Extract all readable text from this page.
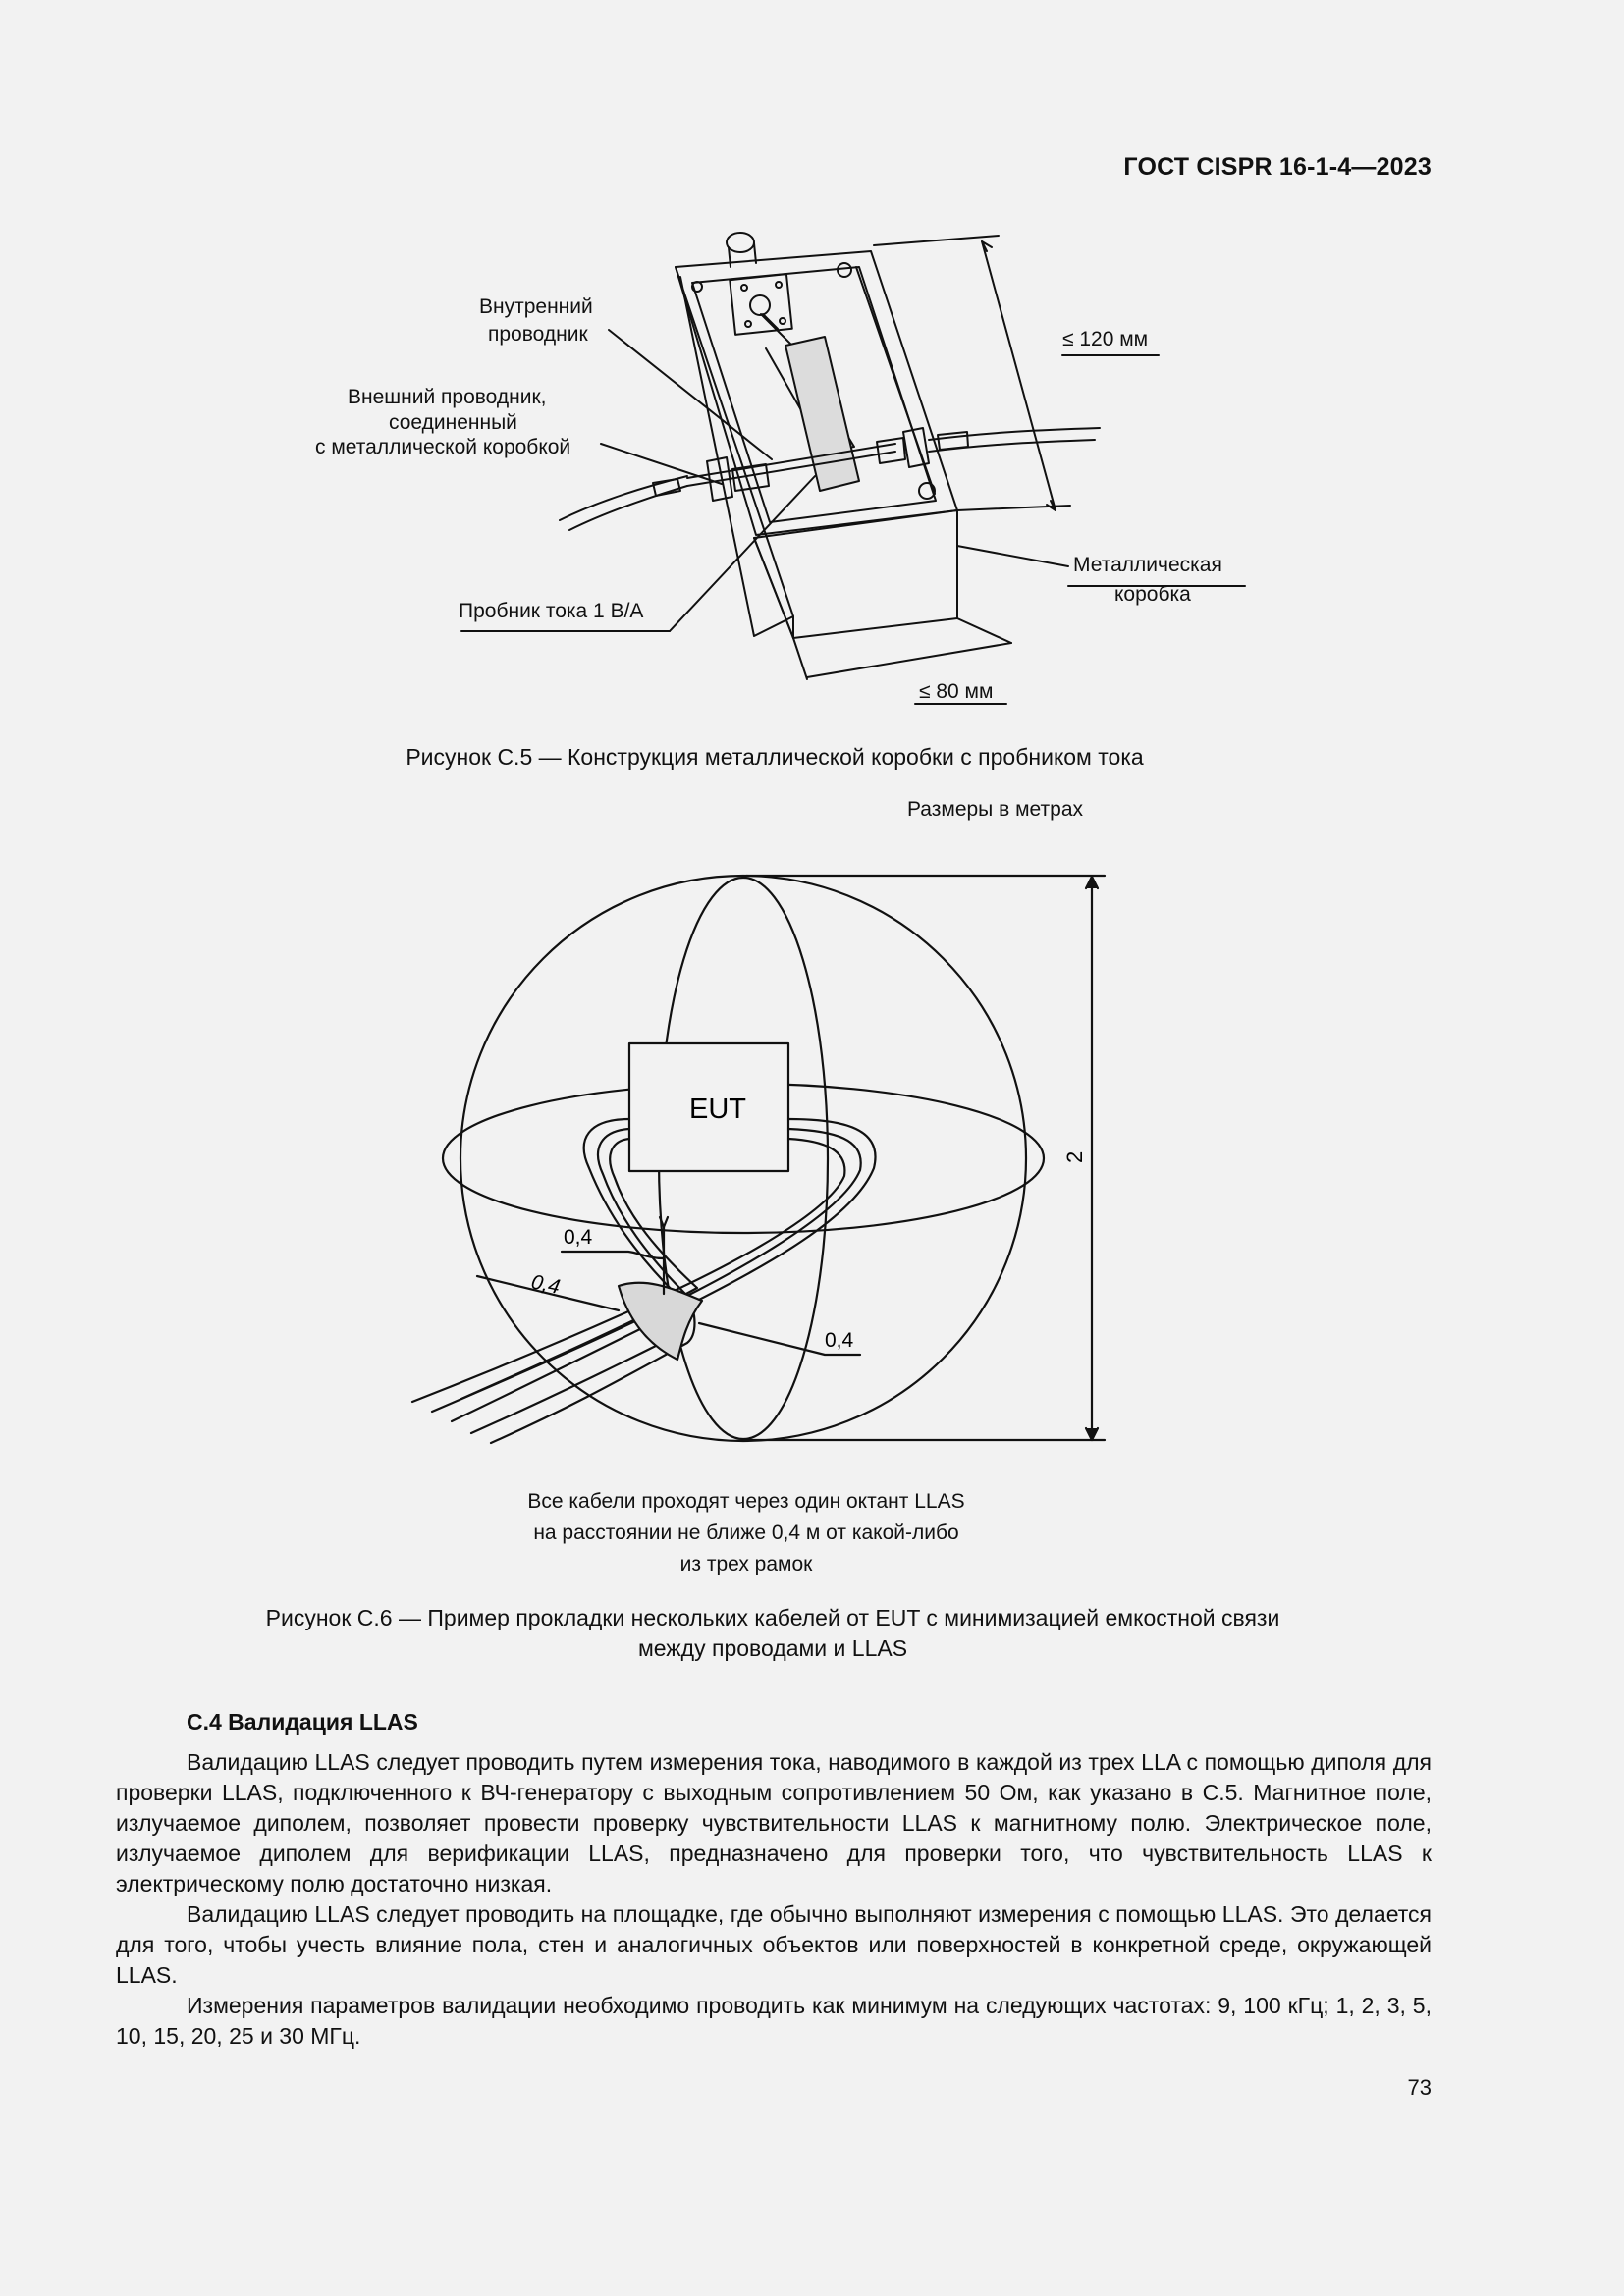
ГОСТ CISPR 16-1-4—2023
Внутренний
проводник
Внешний проводник,
соединенный
с металлической коробкой
Пробник тока 1 В/А
Металлическая
коробка
≤ 120 мм
≤ 80 мм
Рисунок С.5 — Конструкция металлической коробки с пробником тока
Размеры в метрах
EUT
2
0,4
0,4
0,4
Все кабели проходят через один октант LLAS
на расстоянии не ближе 0,4 м от какой-либо
из трех рамок
Рисунок С.6 — Пример прокладки нескольких кабелей от EUT с минимизацией емкостной связи
между проводами и LLAS
С.4 Валидация LLAS

Валидацию LLAS следует проводить путем измерения тока, наводимого в каждой из трех LLA с помощью диполя для проверки LLAS, подключенного к ВЧ-генератору с выходным сопротивлением 50 Ом, как указано в С.5. Магнитное поле, излучаемое диполем, позволяет провести проверку чувствительности LLAS к магнитному полю. Электрическое поле, излучаемое диполем для верификации LLAS, предназначено для проверки того, что чувствительность LLAS к электрическому полю достаточно низкая.

Валидацию LLAS следует проводить на площадке, где обычно выполняют измерения с помощью LLAS. Это делается для того, чтобы учесть влияние пола, стен и аналогичных объектов или поверхностей в конкретной среде, окружающей LLAS.

Измерения параметров валидации необходимо проводить как минимум на следующих частотах: 9, 100 кГц; 1, 2, 3, 5, 10, 15, 20, 25 и 30 МГц.

73
